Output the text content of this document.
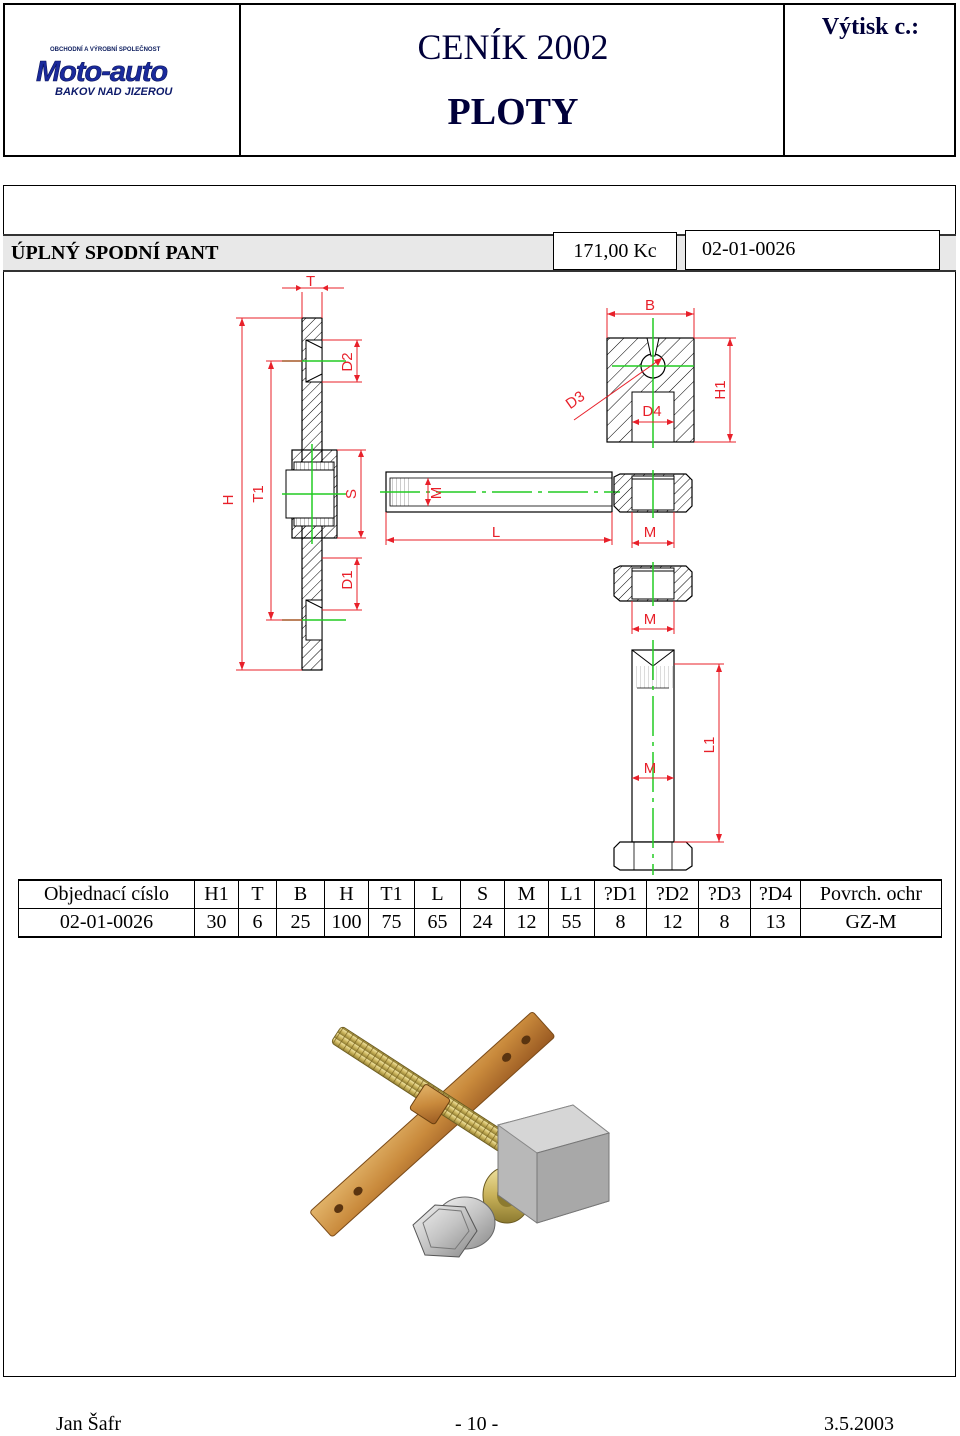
OBCHODNÍ A VÝROBNÍ SPOLEČNOST
Moto-auto
BAKOV NAD JIZEROU
CENÍK 2002
PLOTY
Výtisk c.:
ÚPLNÝ SPODNÍ PANT	171,00 Kc	02-01-0026
T
H T1
D2
S
D1
L
M
M
M
B
H1
D4
D3
L1
M
Objednací císlo	H1	T	B	H	T1	L	S	M	L1	?D1	?D2	?D3	?D4	Povrch. ochr
02-01-0026	30	6	25	100	75	65	24	12	55	8	12	8	13	GZ-M
Jan Šafr	- 10 -	3.5.2003
